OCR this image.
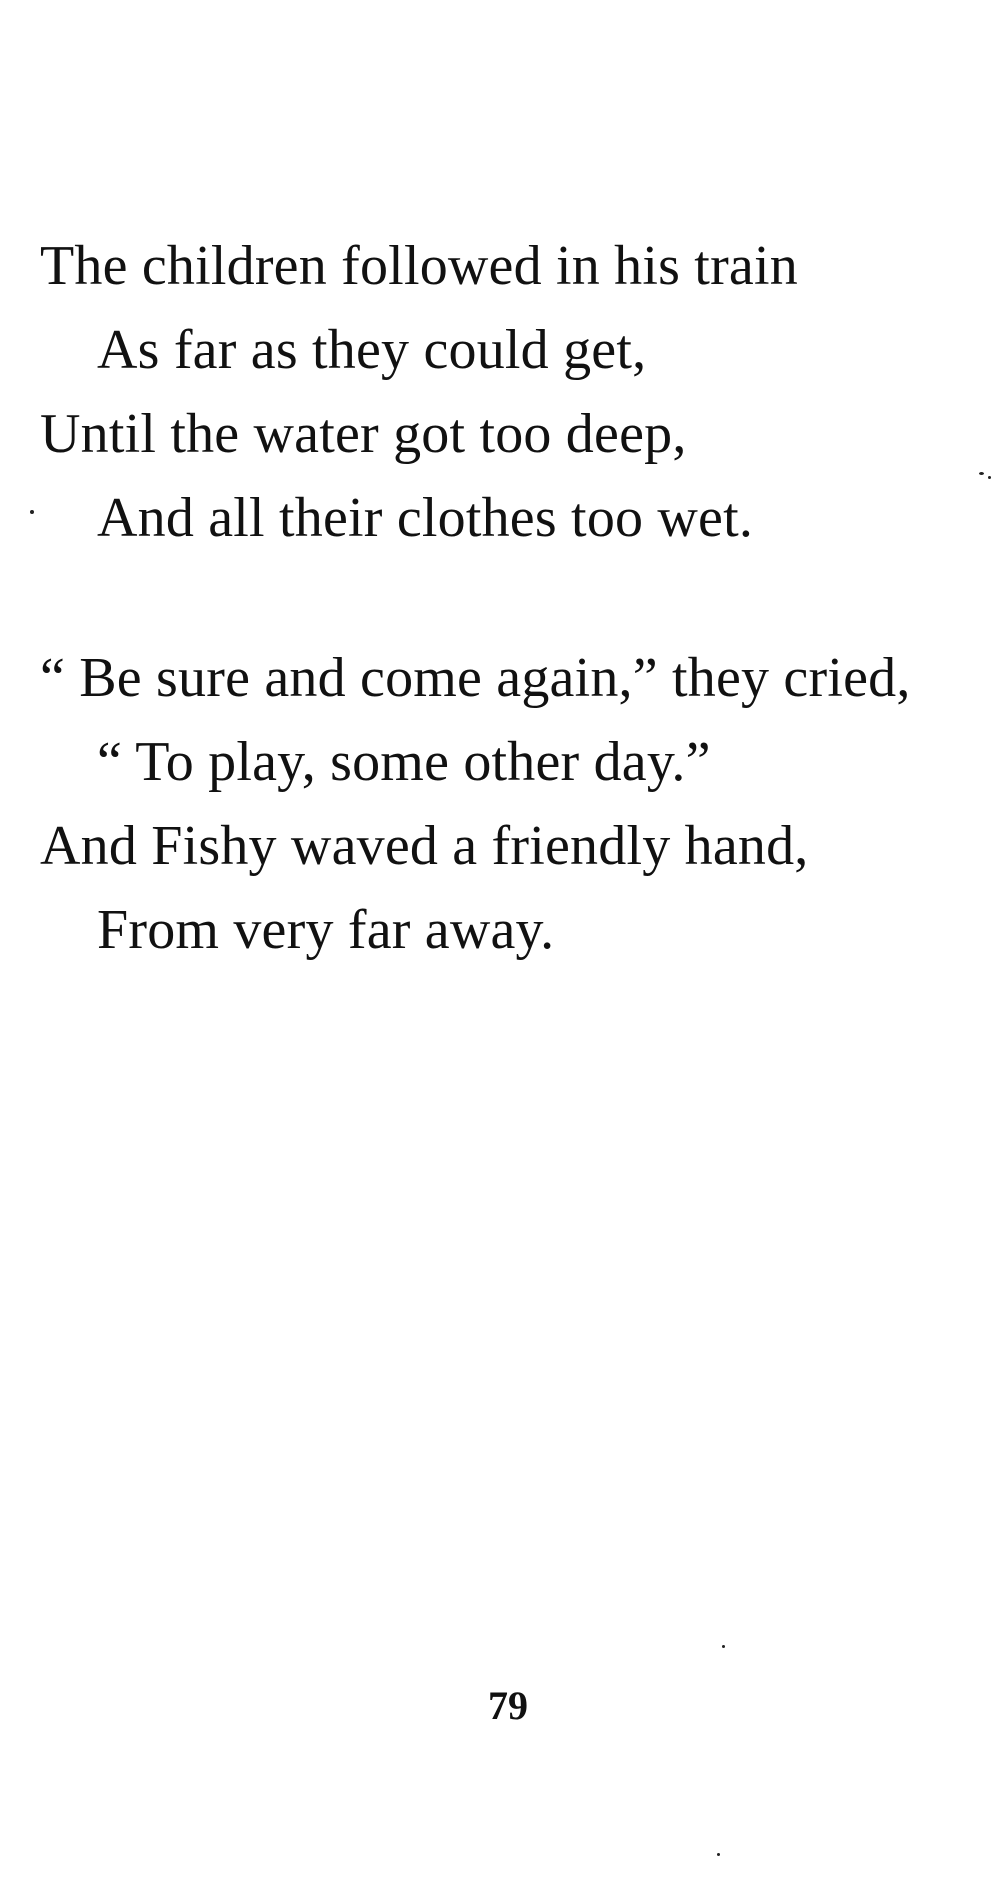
The children followed in his train
As far as they could get,
Until the water got too deep,
And all their clothes too wet.
“ Be sure and come again,” they cried,
“ To play, some other day.”
And Fishy waved a friendly hand,
From very far away.
79
